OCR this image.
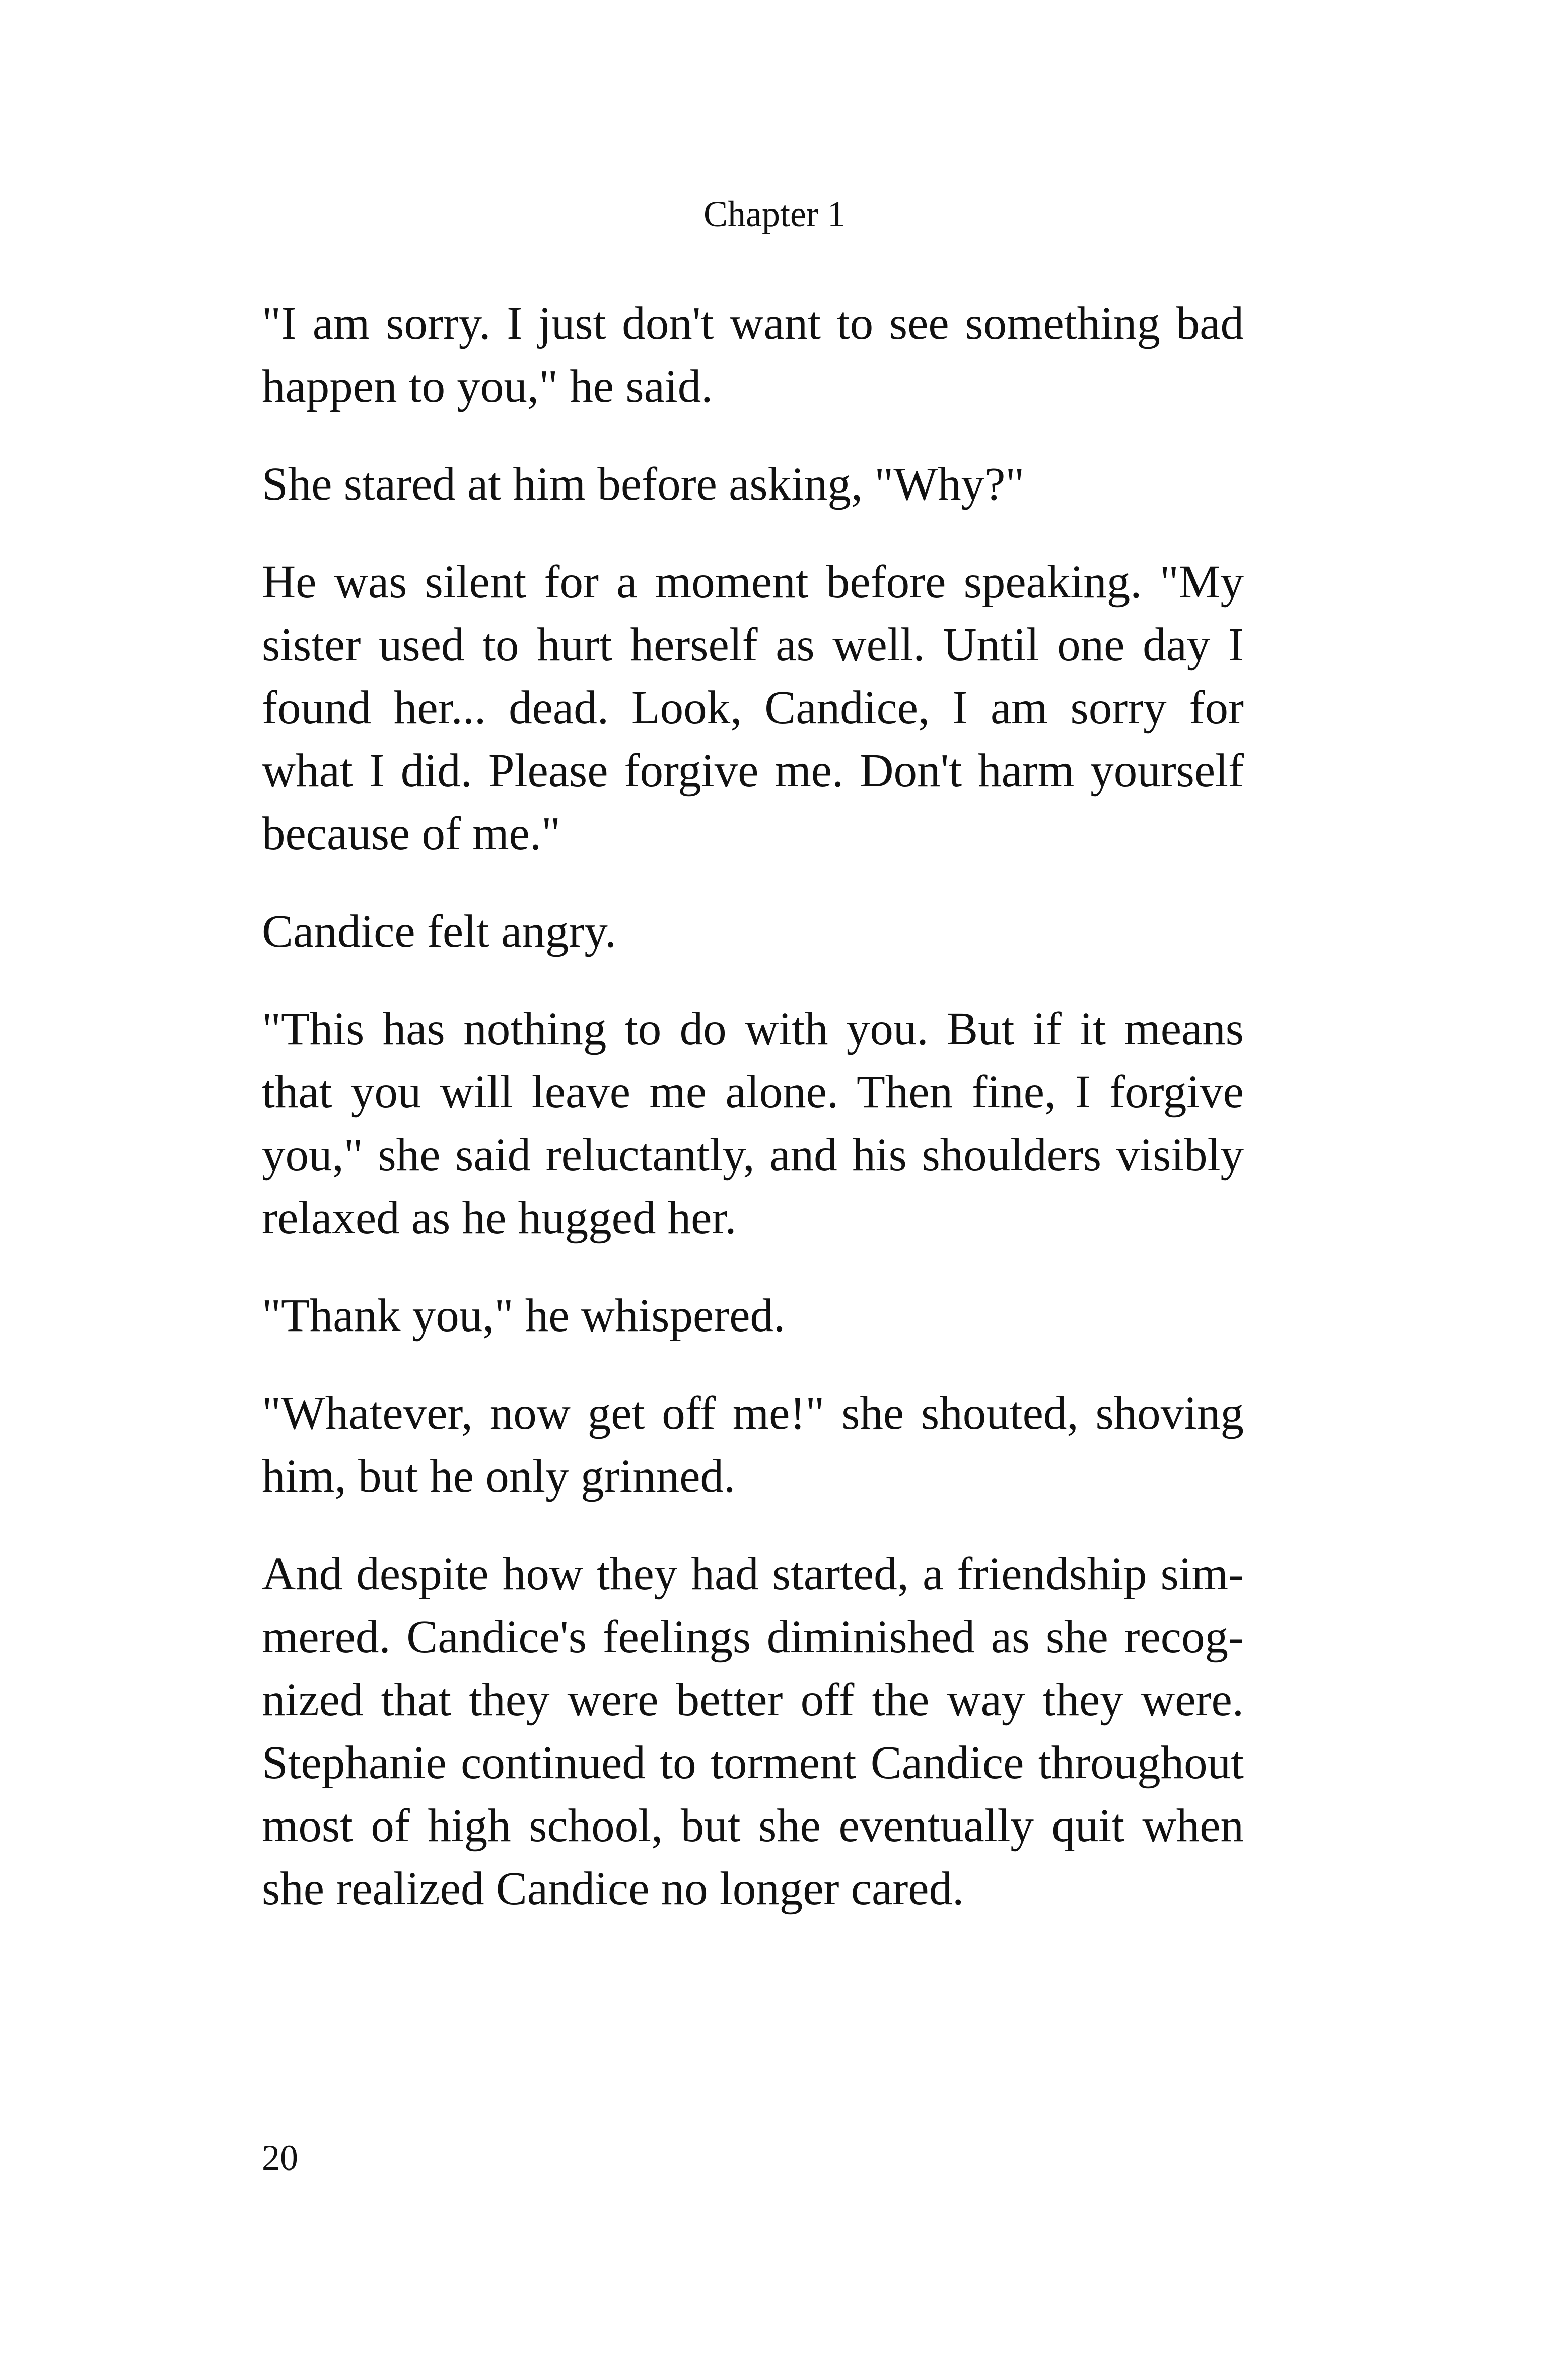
Chapter 1

"I am sorry. I just don't want to see something bad happen to you," he said.

She stared at him before asking, "Why?"

He was silent for a moment before speaking. "My sister used to hurt herself as well. Until one day I found her... dead. Look, Candice, I am sorry for what I did. Please forgive me. Don't harm yourself because of me."

Candice felt angry.

"This has nothing to do with you. But if it means that you will leave me alone. Then fine, I forgive you," she said reluctantly, and his shoulders visibly relaxed as he hugged her.

"Thank you," he whispered.

"Whatever, now get off me!" she shouted, shoving him, but he only grinned.

And despite how they had started, a friendship simmered. Candice's feelings diminished as she recognized that they were better off the way they were. Stephanie continued to torment Candice throughout most of high school, but she eventually quit when she realized Candice no longer cared.

20
